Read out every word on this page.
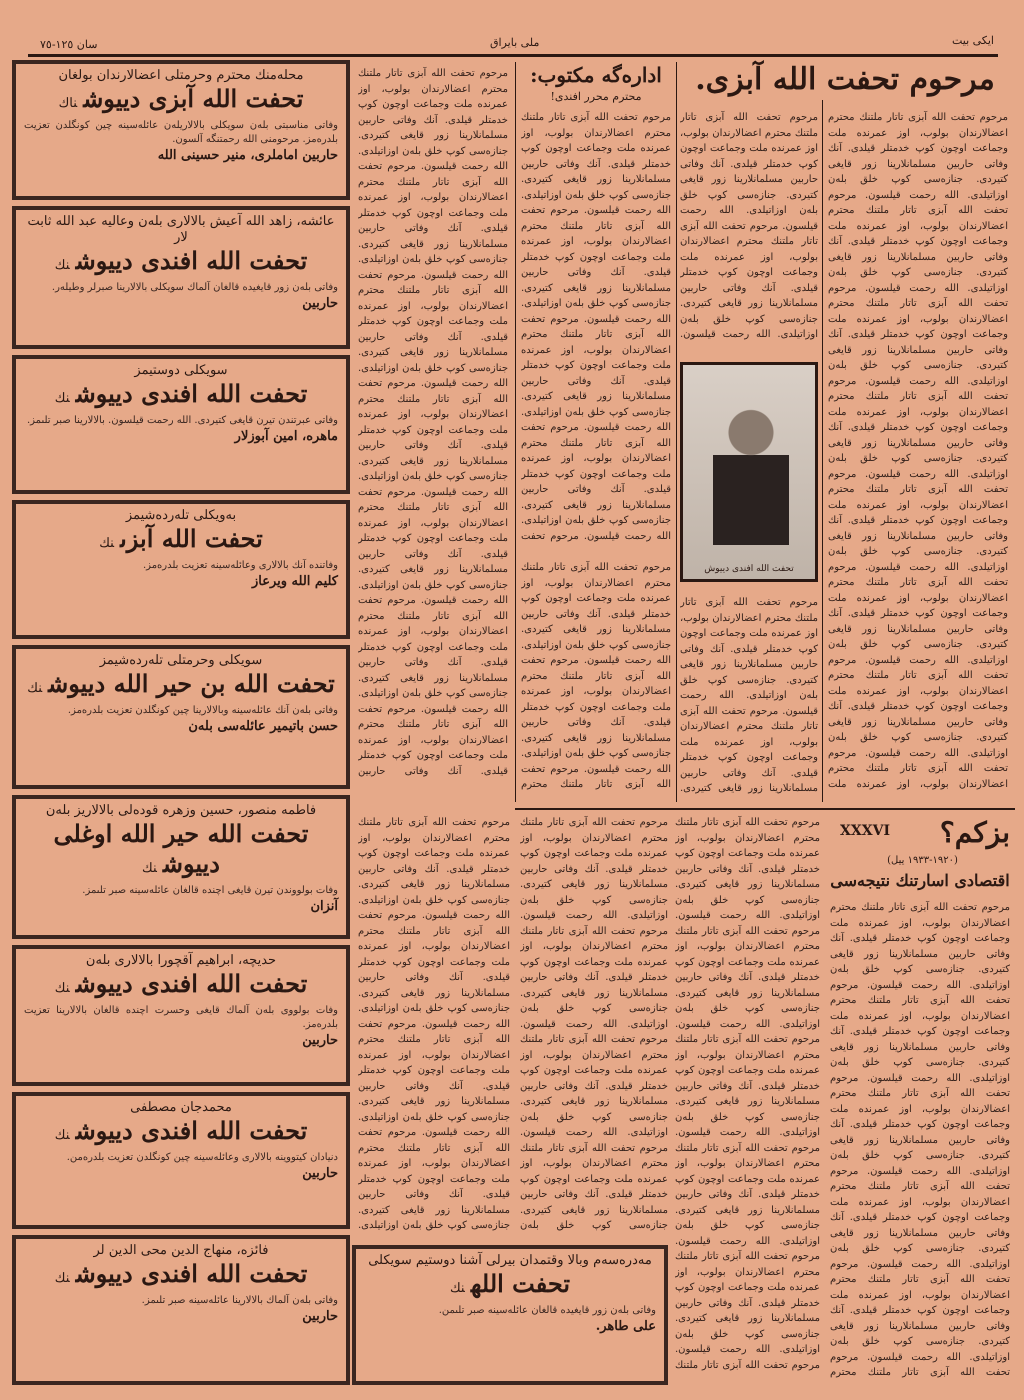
سان ١٢٥-٧٥	ملى بايراق	ايكى بيت
محلەمنك محترم وحرمتلى اعضالارندان بولغان
تحفت الله آبزى دييوشناك
وفاتى مناسبتى بلەن سويكلى بالالاريلەن عائلەسينە چين كونگلدن تعزيت بلدرەمز. مرحومنى الله رحمتنگە آلسون.
حاربين اماملرى، منير حسينى الله
عائشه، زاهد الله آعيش بالالارى بلەن وعاليه عبد الله ثابت لار
تحفت الله افندى دييوشنك
وفاتى بلەن زور قايغيدە قالغان آلماك سويكلى بالالارينا صبرلر وطيلەر.
حاربين
سويكلى دوستيمز
تحفت الله افندى دييوشنك
وفاتى عبرتندن تيرن قايغى كتيردى. الله رحمت قيلسون. بالالارينا صبر تلىمز.
ماهره، امين آبوزلار
بەويكلى تلەردەشيمز
تحفت الله آبزىنك
وفاتندە آنك بالالارى وعائلەسينە تعزيت بلدرەمز.
كليم الله ويرعاز
سويكلى وحرمتلى تلەردەشيمز
تحفت الله بن حير الله دييوشنك
وفاتى بلەن آنك عائلەسينە وبالالارينا چين كونگلدن تعزيت بلدرەمز.
حسن باتيمير عائلەسى بلەن
فاطمه منصور، حسين وزهره قودەلى بالالاريز بلەن
تحفت الله حير الله اوغلى دييوشنك
وفات بولووندن تيرن قايغى اچندە قالغان عائلەسينە صبر تلىمز.
آنزان
حديچه، ابراهيم آقچورا بالالارى بلەن
تحفت الله افندى دييوشنك
وفات بولووى بلەن آلماك قايغى وحسرت اچندە قالغان بالالارينا تعزيت بلدرەمز.
حاربين
محمدجان مصطفى
تحفت الله افندى دييوشنك
دنيادان كيتووينە بالالارى وعائلەسينە چين كونگلدن تعزيت بلدرەمن.
حاربين
فائزه، منهاج الدين محى الدين لر
تحفت الله افندى دييوشنك
وفاتى بلەن آلماك بالالارينا عائلەسينە صبر تلىمز.
حاربين
ادارەگە مكتوب:
محترم محرر افندى!
مرحوم تحفت الله آبزى تاتار ملتنك محترم اعضالارندان بولوب، اوز عمرندە ملت وجماعت اوچون كوپ خدمتلر قيلدى. آنك وفاتى حاربين مسلمانلارينا زور قايغى كتيردى. جنازەسى كوپ خلق بلەن اوزاتيلدى. الله رحمت قيلسون. مرحوم تحفت الله آبزى تاتار ملتنك محترم اعضالارندان بولوب، اوز عمرندە ملت وجماعت اوچون كوپ خدمتلر قيلدى. آنك وفاتى حاربين مسلمانلارينا زور قايغى كتيردى. جنازەسى كوپ خلق بلەن اوزاتيلدى. الله رحمت قيلسون. مرحوم تحفت الله آبزى تاتار ملتنك محترم اعضالارندان بولوب، اوز عمرندە ملت وجماعت اوچون كوپ خدمتلر قيلدى. آنك وفاتى حاربين مسلمانلارينا زور قايغى كتيردى. جنازەسى كوپ خلق بلەن اوزاتيلدى. الله رحمت قيلسون. مرحوم تحفت الله آبزى تاتار ملتنك محترم اعضالارندان بولوب، اوز عمرندە ملت وجماعت اوچون كوپ خدمتلر قيلدى. آنك وفاتى حاربين مسلمانلارينا زور قايغى كتيردى. جنازەسى كوپ خلق بلەن اوزاتيلدى. الله رحمت قيلسون. مرحوم تحفت الله آبزى تاتار ملتنك محترم اعضالارندان بولوب، اوز عمرندە ملت وجماعت اوچون كوپ خدمتلر قيلدى. آنك وفاتى حاربين مسلمانلارينا زور قايغى كتيردى. جنازەسى كوپ خلق بلەن اوزاتيلدى. الله رحمت قيلسون. مرحوم تحفت الله آبزى تاتار ملتنك محترم اعضالارندان بولوب، اوز عمرندە ملت وجماعت اوچون كوپ خدمتلر قيلدى. آنك وفاتى حاربين مسلمانلارينا زور قايغى كتيردى. جنازەسى كوپ خلق بلەن اوزاتيلدى. الله رحمت قيلسون. مرحوم تحفت الله آبزى تاتار ملتنك محترم اعضالارندان بولوب، اوز عمرندە ملت وجماعت اوچون كوپ خدمتلر قيلدى. آنك وفاتى حاربين
مرحوم تحفت الله آبزى تاتار ملتنك محترم اعضالارندان بولوب، اوز عمرندە ملت وجماعت اوچون كوپ خدمتلر قيلدى. آنك وفاتى حاربين مسلمانلارينا زور قايغى كتيردى. جنازەسى كوپ خلق بلەن اوزاتيلدى. الله رحمت قيلسون. مرحوم تحفت الله آبزى تاتار ملتنك محترم اعضالارندان بولوب، اوز عمرندە ملت وجماعت اوچون كوپ خدمتلر قيلدى. آنك وفاتى حاربين مسلمانلارينا زور قايغى كتيردى. جنازەسى كوپ خلق بلەن اوزاتيلدى. الله رحمت قيلسون. مرحوم تحفت الله آبزى تاتار ملتنك محترم اعضالارندان بولوب، اوز عمرندە ملت وجماعت اوچون كوپ خدمتلر قيلدى. آنك وفاتى حاربين مسلمانلارينا زور قايغى كتيردى. جنازەسى كوپ خلق بلەن اوزاتيلدى. الله رحمت قيلسون. مرحوم تحفت الله آبزى تاتار ملتنك محترم اعضالارندان بولوب، اوز عمرندە ملت وجماعت اوچون كوپ خدمتلر قيلدى. آنك وفاتى حاربين مسلمانلارينا زور قايغى كتيردى. جنازەسى كوپ خلق بلەن اوزاتيلدى. الله رحمت قيلسون. مرحوم تحفت
مرحوم تحفت الله آبزى تاتار ملتنك محترم اعضالارندان بولوب، اوز عمرندە ملت وجماعت اوچون كوپ خدمتلر قيلدى. آنك وفاتى حاربين مسلمانلارينا زور قايغى كتيردى. جنازەسى كوپ خلق بلەن اوزاتيلدى. الله رحمت قيلسون. مرحوم تحفت الله آبزى تاتار ملتنك محترم اعضالارندان بولوب، اوز عمرندە ملت وجماعت اوچون كوپ خدمتلر قيلدى. آنك وفاتى حاربين مسلمانلارينا زور قايغى كتيردى. جنازەسى كوپ خلق بلەن اوزاتيلدى. الله رحمت قيلسون. مرحوم تحفت الله آبزى تاتار ملتنك محترم
مرحوم تحفت الله آبزى.
مرحوم تحفت الله آبزى تاتار ملتنك محترم اعضالارندان بولوب، اوز عمرندە ملت وجماعت اوچون كوپ خدمتلر قيلدى. آنك وفاتى حاربين مسلمانلارينا زور قايغى كتيردى. جنازەسى كوپ خلق بلەن اوزاتيلدى. الله رحمت قيلسون. مرحوم تحفت الله آبزى تاتار ملتنك محترم اعضالارندان بولوب، اوز عمرندە ملت وجماعت اوچون كوپ خدمتلر قيلدى. آنك وفاتى حاربين مسلمانلارينا زور قايغى كتيردى. جنازەسى كوپ خلق بلەن اوزاتيلدى. الله رحمت قيلسون.
مرحوم تحفت الله آبزى تاتار ملتنك محترم اعضالارندان بولوب، اوز عمرندە ملت وجماعت اوچون كوپ خدمتلر قيلدى. آنك وفاتى حاربين مسلمانلارينا زور قايغى كتيردى. جنازەسى كوپ خلق بلەن اوزاتيلدى. الله رحمت قيلسون. مرحوم تحفت الله آبزى تاتار ملتنك محترم اعضالارندان بولوب، اوز عمرندە ملت وجماعت اوچون كوپ خدمتلر قيلدى. آنك وفاتى حاربين مسلمانلارينا زور قايغى كتيردى. جنازەسى كوپ خلق بلەن اوزاتيلدى. الله رحمت قيلسون. مرحوم تحفت الله آبزى تاتار ملتنك محترم اعضالارندان بولوب، اوز عمرندە ملت وجماعت اوچون كوپ خدمتلر قيلدى. آنك وفاتى حاربين مسلمانلارينا زور قايغى كتيردى. جنازەسى كوپ خلق بلەن اوزاتيلدى. الله رحمت قيلسون. مرحوم تحفت الله آبزى تاتار ملتنك محترم اعضالارندان بولوب، اوز عمرندە ملت وجماعت اوچون كوپ خدمتلر قيلدى. آنك وفاتى حاربين مسلمانلارينا زور قايغى كتيردى. جنازەسى كوپ خلق بلەن اوزاتيلدى. الله رحمت قيلسون. مرحوم تحفت الله آبزى تاتار ملتنك محترم اعضالارندان بولوب، اوز عمرندە ملت وجماعت اوچون كوپ خدمتلر قيلدى. آنك وفاتى حاربين مسلمانلارينا زور قايغى كتيردى. جنازەسى كوپ خلق بلەن اوزاتيلدى. الله رحمت قيلسون. مرحوم تحفت الله آبزى تاتار ملتنك محترم اعضالارندان بولوب، اوز عمرندە ملت وجماعت اوچون كوپ خدمتلر قيلدى. آنك وفاتى حاربين مسلمانلارينا زور قايغى كتيردى. جنازەسى كوپ خلق بلەن اوزاتيلدى. الله رحمت قيلسون. مرحوم تحفت الله آبزى تاتار ملتنك محترم اعضالارندان بولوب، اوز عمرندە ملت وجماعت اوچون كوپ خدمتلر قيلدى. آنك وفاتى حاربين مسلمانلارينا زور قايغى كتيردى. جنازەسى كوپ خلق بلەن اوزاتيلدى. الله رحمت قيلسون. مرحوم تحفت الله آبزى تاتار ملتنك محترم اعضالارندان بولوب، اوز عمرندە ملت
تحفت الله افندى دييوش
مرحوم تحفت الله آبزى تاتار ملتنك محترم اعضالارندان بولوب، اوز عمرندە ملت وجماعت اوچون كوپ خدمتلر قيلدى. آنك وفاتى حاربين مسلمانلارينا زور قايغى كتيردى. جنازەسى كوپ خلق بلەن اوزاتيلدى. الله رحمت قيلسون. مرحوم تحفت الله آبزى تاتار ملتنك محترم اعضالارندان بولوب، اوز عمرندە ملت وجماعت اوچون كوپ خدمتلر قيلدى. آنك وفاتى حاربين مسلمانلارينا زور قايغى كتيردى.
بزكم؟
XXXVI
(١٩٢٠-١٩٣٣ ييل)
اقتصادى اسارتنك نتيجەسى
مرحوم تحفت الله آبزى تاتار ملتنك محترم اعضالارندان بولوب، اوز عمرندە ملت وجماعت اوچون كوپ خدمتلر قيلدى. آنك وفاتى حاربين مسلمانلارينا زور قايغى كتيردى. جنازەسى كوپ خلق بلەن اوزاتيلدى. الله رحمت قيلسون. مرحوم تحفت الله آبزى تاتار ملتنك محترم اعضالارندان بولوب، اوز عمرندە ملت وجماعت اوچون كوپ خدمتلر قيلدى. آنك وفاتى حاربين مسلمانلارينا زور قايغى كتيردى. جنازەسى كوپ خلق بلەن اوزاتيلدى. الله رحمت قيلسون. مرحوم تحفت الله آبزى تاتار ملتنك محترم اعضالارندان بولوب، اوز عمرندە ملت وجماعت اوچون كوپ خدمتلر قيلدى. آنك وفاتى حاربين مسلمانلارينا زور قايغى كتيردى. جنازەسى كوپ خلق بلەن اوزاتيلدى. الله رحمت قيلسون. مرحوم تحفت الله آبزى تاتار ملتنك محترم اعضالارندان بولوب، اوز عمرندە ملت وجماعت اوچون كوپ خدمتلر قيلدى. آنك وفاتى حاربين مسلمانلارينا زور قايغى كتيردى. جنازەسى كوپ خلق بلەن اوزاتيلدى. الله رحمت قيلسون. مرحوم تحفت الله آبزى تاتار ملتنك محترم اعضالارندان بولوب، اوز عمرندە ملت وجماعت اوچون كوپ خدمتلر قيلدى. آنك وفاتى حاربين مسلمانلارينا زور قايغى كتيردى. جنازەسى كوپ خلق بلەن اوزاتيلدى. الله رحمت قيلسون. مرحوم تحفت الله آبزى تاتار ملتنك محترم
مرحوم تحفت الله آبزى تاتار ملتنك محترم اعضالارندان بولوب، اوز عمرندە ملت وجماعت اوچون كوپ خدمتلر قيلدى. آنك وفاتى حاربين مسلمانلارينا زور قايغى كتيردى. جنازەسى كوپ خلق بلەن اوزاتيلدى. الله رحمت قيلسون. مرحوم تحفت الله آبزى تاتار ملتنك محترم اعضالارندان بولوب، اوز عمرندە ملت وجماعت اوچون كوپ خدمتلر قيلدى. آنك وفاتى حاربين مسلمانلارينا زور قايغى كتيردى. جنازەسى كوپ خلق بلەن اوزاتيلدى. الله رحمت قيلسون. مرحوم تحفت الله آبزى تاتار ملتنك محترم اعضالارندان بولوب، اوز عمرندە ملت وجماعت اوچون كوپ خدمتلر قيلدى. آنك وفاتى حاربين مسلمانلارينا زور قايغى كتيردى. جنازەسى كوپ خلق بلەن اوزاتيلدى. الله رحمت قيلسون. مرحوم تحفت الله آبزى تاتار ملتنك محترم اعضالارندان بولوب، اوز عمرندە ملت وجماعت اوچون كوپ خدمتلر قيلدى. آنك وفاتى حاربين مسلمانلارينا زور قايغى كتيردى. جنازەسى كوپ خلق بلەن اوزاتيلدى. الله رحمت قيلسون. مرحوم تحفت الله آبزى تاتار ملتنك محترم اعضالارندان بولوب، اوز عمرندە ملت وجماعت اوچون كوپ خدمتلر قيلدى. آنك وفاتى حاربين مسلمانلارينا زور قايغى كتيردى. جنازەسى كوپ خلق بلەن اوزاتيلدى. الله رحمت قيلسون. مرحوم تحفت الله آبزى تاتار ملتنك
مرحوم تحفت الله آبزى تاتار ملتنك محترم اعضالارندان بولوب، اوز عمرندە ملت وجماعت اوچون كوپ خدمتلر قيلدى. آنك وفاتى حاربين مسلمانلارينا زور قايغى كتيردى. جنازەسى كوپ خلق بلەن اوزاتيلدى. الله رحمت قيلسون. مرحوم تحفت الله آبزى تاتار ملتنك محترم اعضالارندان بولوب، اوز عمرندە ملت وجماعت اوچون كوپ خدمتلر قيلدى. آنك وفاتى حاربين مسلمانلارينا زور قايغى كتيردى. جنازەسى كوپ خلق بلەن اوزاتيلدى. الله رحمت قيلسون. مرحوم تحفت الله آبزى تاتار ملتنك محترم اعضالارندان بولوب، اوز عمرندە ملت وجماعت اوچون كوپ خدمتلر قيلدى. آنك وفاتى حاربين مسلمانلارينا زور قايغى كتيردى. جنازەسى كوپ خلق بلەن اوزاتيلدى. الله رحمت قيلسون. مرحوم تحفت الله آبزى تاتار ملتنك محترم اعضالارندان بولوب، اوز عمرندە ملت وجماعت اوچون كوپ خدمتلر قيلدى. آنك وفاتى حاربين مسلمانلارينا زور قايغى كتيردى. جنازەسى كوپ خلق بلەن
مرحوم تحفت الله آبزى تاتار ملتنك محترم اعضالارندان بولوب، اوز عمرندە ملت وجماعت اوچون كوپ خدمتلر قيلدى. آنك وفاتى حاربين مسلمانلارينا زور قايغى كتيردى. جنازەسى كوپ خلق بلەن اوزاتيلدى. الله رحمت قيلسون. مرحوم تحفت الله آبزى تاتار ملتنك محترم اعضالارندان بولوب، اوز عمرندە ملت وجماعت اوچون كوپ خدمتلر قيلدى. آنك وفاتى حاربين مسلمانلارينا زور قايغى كتيردى. جنازەسى كوپ خلق بلەن اوزاتيلدى. الله رحمت قيلسون. مرحوم تحفت الله آبزى تاتار ملتنك محترم اعضالارندان بولوب، اوز عمرندە ملت وجماعت اوچون كوپ خدمتلر قيلدى. آنك وفاتى حاربين مسلمانلارينا زور قايغى كتيردى. جنازەسى كوپ خلق بلەن اوزاتيلدى. الله رحمت قيلسون. مرحوم تحفت الله آبزى تاتار ملتنك محترم اعضالارندان بولوب، اوز عمرندە ملت وجماعت اوچون كوپ خدمتلر قيلدى. آنك وفاتى حاربين مسلمانلارينا زور قايغى كتيردى. جنازەسى كوپ خلق بلەن اوزاتيلدى.
مەدرەسەم وبالا وقتمدان بيرلى آشنا دوستيم سويكلى
تحفت اللهنك
وفاتى بلەن زور قايغيدە قالغان عائلەسينە صبر تلىمن.
على طاهر.
